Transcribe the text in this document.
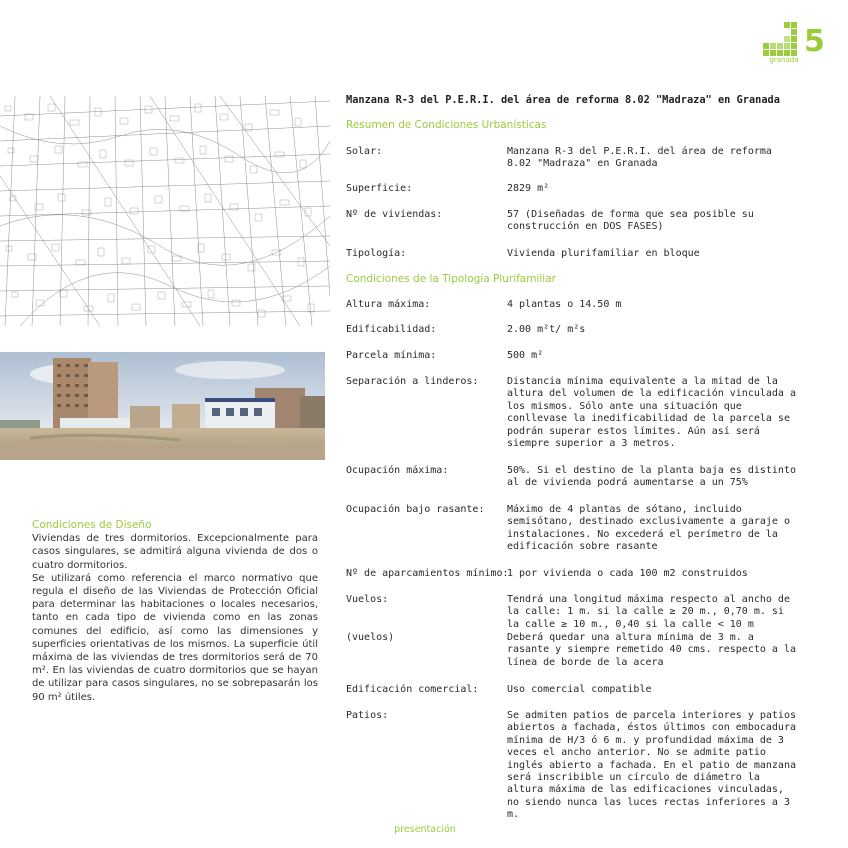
5
granada
Condiciones de Diseño

Viviendas de tres dormitorios. Excepcionalmente para casos singulares, se admitirá alguna vivienda de dos o cuatro dormitorios.

Se utilizará como referencia el marco normativo que regula el diseño de las Viviendas de Protección Oficial para determinar las habitaciones o locales necesarios, tanto en cada tipo de vivienda como en las zonas comunes del edificio, así como las dimensiones y superficies orientativas de los mismos. La superficie útil máxima de las viviendas de tres dormitorios será de 70 m². En las viviendas de cuatro dormitorios que se hayan de utilizar para casos singulares, no se sobrepasarán los 90 m² útiles.

Manzana R-3 del P.E.R.I. del área de reforma 8.02 "Madraza" en Granada
Resumen de Condiciones Urbanísticas
Solar:	Manzana R-3 del P.E.R.I. del área de reforma 8.02 "Madraza" en Granada
Superficie:	2829 m²
Nº de viviendas:	57 (Diseñadas de forma que sea posible su construcción en DOS FASES)
Tipología:	Vivienda plurifamiliar en bloque
Condiciones de la Tipología Plurifamiliar
Altura máxima:	4 plantas o 14.50 m
Edificabilidad:	2.00 m²t/ m²s
Parcela mínima:	500 m²
Separación a linderos:	Distancia mínima equivalente a la mitad de la altura del volumen de la edificación vinculada a los mismos. Sólo ante una situación que conllevase la inedificabilidad de la parcela se podrán superar estos límites. Aún así será siempre superior a 3 metros.
Ocupación máxima:	50%. Si el destino de la planta baja es distinto al de vivienda podrá aumentarse a un 75%
Ocupación bajo rasante: Máximo de 4 plantas de sótano, incluido semisótano, destinado exclusivamente a garaje o instalaciones. No excederá el perímetro de la edificación sobre rasante
Nº de aparcamientos mínimo:
1 por vivienda o cada 100 m2 construidos
Vuelos:	Tendrá una longitud máxima respecto al ancho de la calle: 1 m. si la calle ≥ 20 m., 0,70 m. si la calle ≥ 10 m., 0,40 si la calle < 10 m
(vuelos)	Deberá quedar una altura mínima de 3 m. a rasante y siempre remetido 40 cms. respecto a la línea de borde de la acera
Edificación comercial:	Uso comercial compatible
Patios:	Se admiten patios de parcela interiores y patios abiertos a fachada, éstos últimos con embocadura mínima de H/3 ó 6 m. y profundidad máxima de 3 veces el ancho anterior. No se admite patio inglés abierto a fachada. En el patio de manzana será inscribible un círculo de diámetro la altura máxima de las edificaciones vinculadas, no siendo nunca las luces rectas inferiores a 3 m.
presentación
